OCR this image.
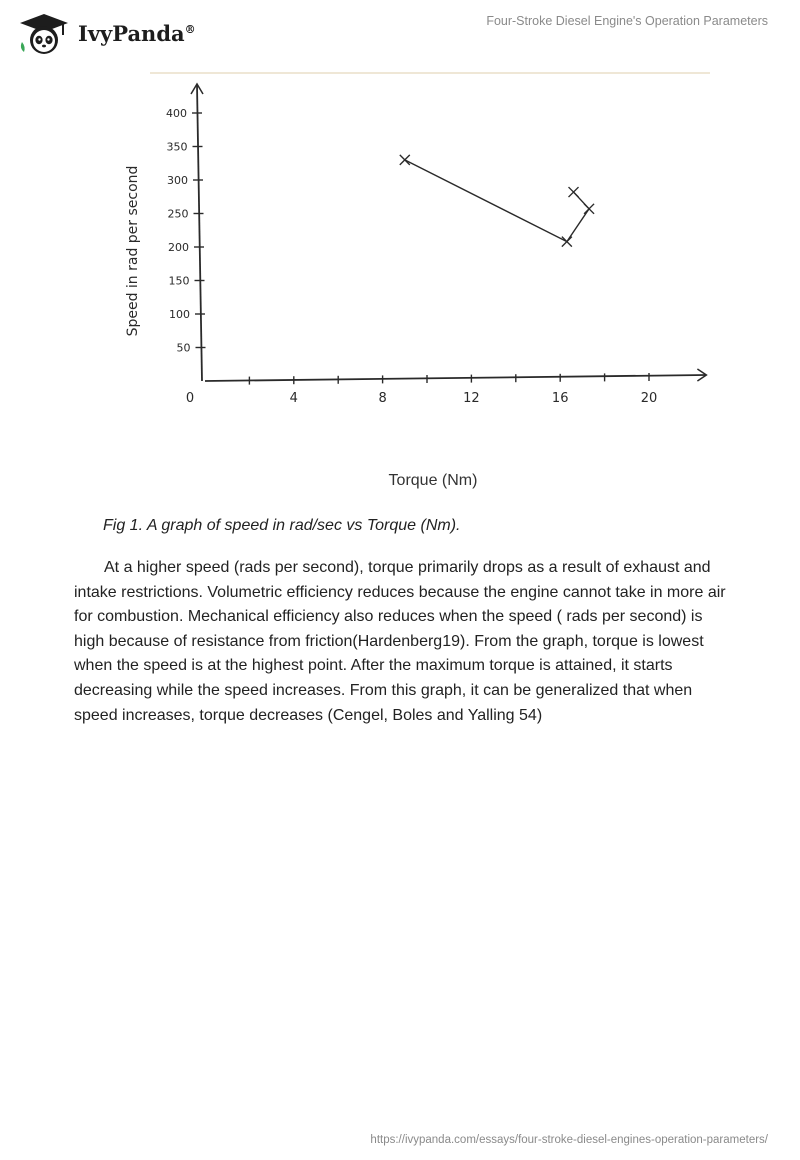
IvyPanda®
Four-Stroke Diesel Engine's Operation Parameters
0	4	8	12	16	20
50
100
150
200
250
300
350
400
Speed in rad per second
Torque (Nm)
Fig 1. A graph of speed in rad/sec vs Torque (Nm).

At a higher speed (rads per second), torque primarily drops as a result of exhaust and intake restrictions. Volumetric efficiency reduces because the engine cannot take in more air for combustion. Mechanical efficiency also reduces when the speed ( rads per second) is high because of resistance from friction(Hardenberg19). From the graph, torque is lowest when the speed is at the highest point. After the maximum torque is attained, it starts decreasing while the speed increases. From this graph, it can be generalized that when speed increases, torque decreases (Cengel, Boles and Yalling 54)

https://ivypanda.com/essays/four-stroke-diesel-engines-operation-parameters/
